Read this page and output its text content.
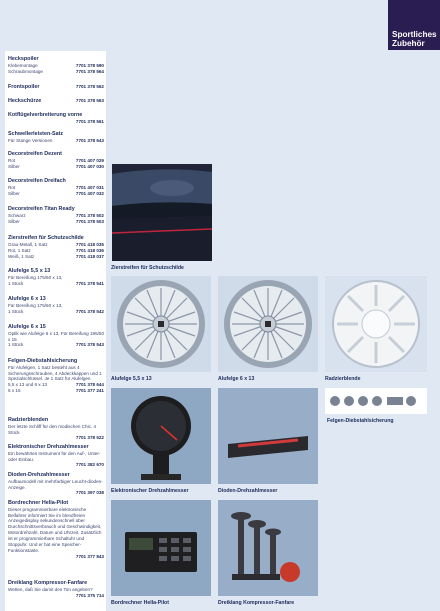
Sportliches
Zubehör
Heckspoiler
Klebemontage	7701 378 590
Schraubmontage	7701 378 564
Frontspoiler	7701 378 562
Heckschürze	7701 378 563
Kotflügelverbreiterung vorne
7701 378 561
Schwellerleisten-Satz
Für Stange Versionen	7701 378 643
Decorstreifen Dezent
Rot	7701 407 029
Silber	7701 407 030
Decorstreifen Dreifach
Rot	7701 407 031
Silber	7701 407 032
Decorstreifen Titan Ready
Schwarz	7701 378 502
Silber	7701 378 503
Zierstreifen für Schutzschilde
Grau-Metall, 1 Satz	7701 418 035
Rot, 1 Satz	7701 418 036
Weiß, 1 Satz	7701 418 037
Alufelge 5,5 x 13
Für Bereifung 175/60 x 13,
1 Stück	7701 378 541
Alufelge 6 x 13
Für Bereifung 175/60 x 13,
1 Stück	7701 378 542
Alufelge 6 x 15
Optik wie Alufelge 6 x 13, Für Bereifung 195/50 x 15
1 Stück	7701 378 543
Felgen-Diebstahlsicherung
Für Alufelgen, 1 Satz besteht aus 4 Sicherungsschrauben, 4 Abdeckkappen und 1 Spezialschlüssel. Je 1 Satz für Alufelgen
5,5 x 13 und 6 x 13	7701 378 644
6 x 15	7701 377 241
Radzierblenden
Der letzte Schliff für den modischen Chic. 4 Stück
7701 378 522
Elektronischer Drehzahlmesser
Ein bewährtes Instrument für den Auf-, Unter- oder Einbau.
7701 382 670
Dioden-Drehzahlmesser
Aufbaumodell mit mehrfarbiger Leucht-dioden-Anzeige.
7701 397 038
Bordrechner Hella-Pilot
Dieser programmierbare elektronische Beifahrer informiert Sie im blendfreien Anzeigedisplay sekundenschnell über Durchschnittsverbrauch und Geschwindigkeit, Motordrehzahl, Datum und Uhrzeit. Zusätzlich ist er programmierbare Schaltuhr und Stoppuhr. Und er hat eine Speicher-Funktionstaste.
7701 377 843
Dreiklang Kompressor-Fanfare
Wetten, daß Sie damit den Ton angeben?
7701 375 714
Zierstreifen für Schutzschilde
Alufelge 5,5 x 13	Alufelge 6 x 13	Radzierblende
Felgen-Diebstahlsicherung
Elektronischer Drehzahlmesser	Dioden-Drehzahlmesser
Bordrechner Hella-Pilot	Dreiklang Kompressor-Fanfare
